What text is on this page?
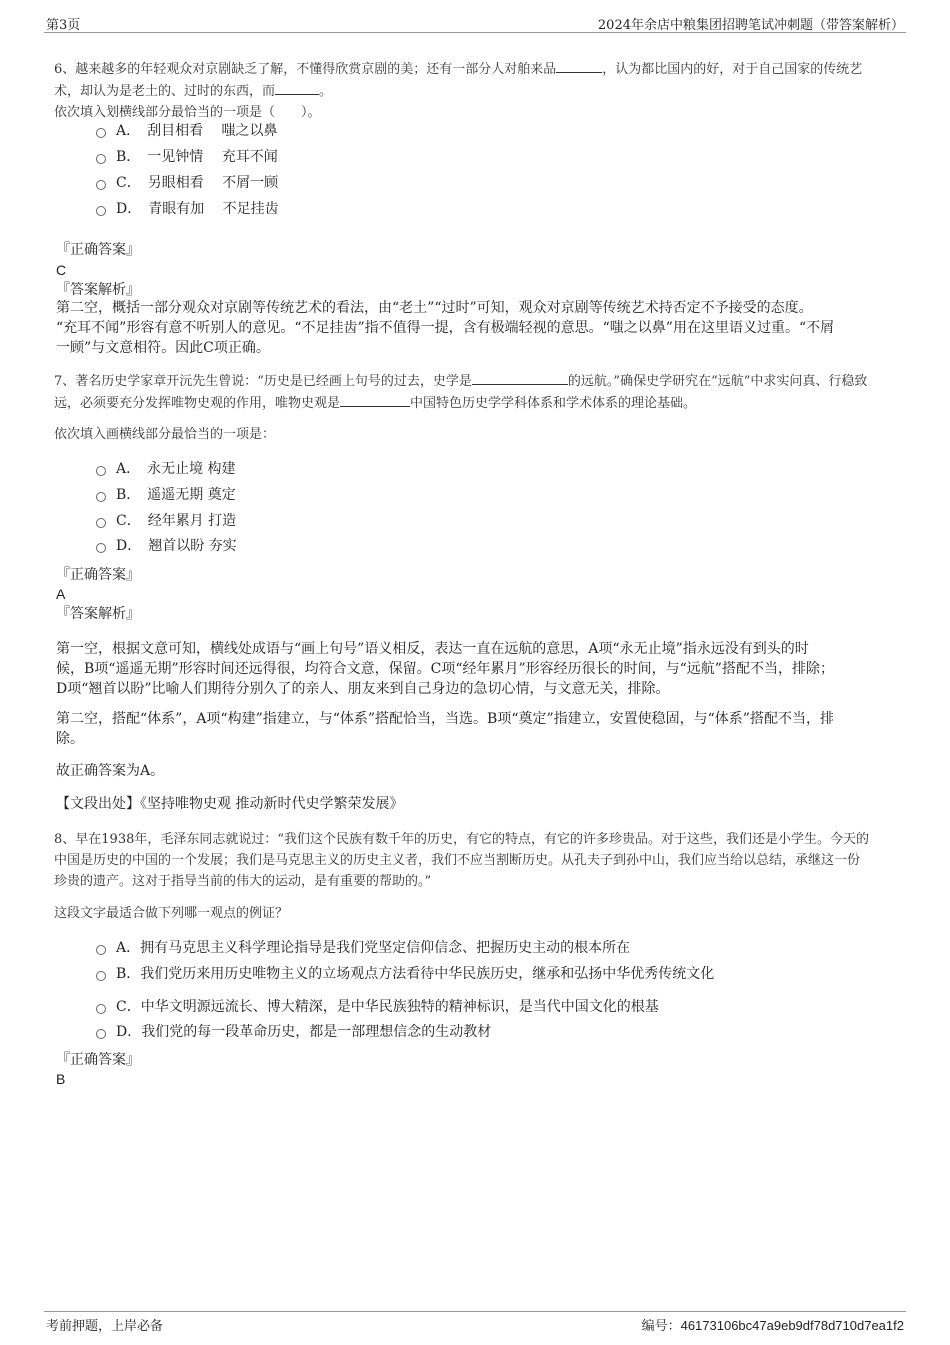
第3页	2024年余店中粮集团招聘笔试冲刺题（带答案解析）
6、越来越多的年轻观众对京剧缺乏了解，不懂得欣赏京剧的美；还有一部分人对舶来品	，认为都比国内的好，对于自己国家的传统艺
术，却认为是老土的、过时的东西，而	。
依次填入划横线部分最恰当的一项是（　　）。
A．　刮目相看　 嗤之以鼻
B．　一见钟情　 充耳不闻
C．　另眼相看　 不屑一顾
D．　青眼有加　 不足挂齿
『正确答案』
C
『答案解析』
第二空，概括一部分观众对京剧等传统艺术的看法，由“老土”“过时”可知，观众对京剧等传统艺术持否定不予接受的态度。
“充耳不闻”形容有意不听别人的意见。“不足挂齿”指不值得一提，含有极端轻视的意思。“嗤之以鼻”用在这里语义过重。“不屑
一顾”与文意相符。因此C项正确。
7、著名历史学家章开沅先生曾说：“历史是已经画上句号的过去，史学是	的远航。”确保史学研究在“远航”中求实问真、行稳致
远，必须要充分发挥唯物史观的作用，唯物史观是	中国特色历史学学科体系和学术体系的理论基础。
依次填入画横线部分最恰当的一项是：
A．　永无止境 构建
B．　遥遥无期 奠定
C．　经年累月 打造
D．　翘首以盼 夯实
『正确答案』
A
『答案解析』
第一空，根据文意可知，横线处成语与“画上句号”语义相反，表达一直在远航的意思，A项“永无止境”指永远没有到头的时
候，B项“遥遥无期”形容时间还远得很，均符合文意，保留。C项“经年累月”形容经历很长的时间，与“远航”搭配不当，排除；
D项“翘首以盼”比喻人们期待分别久了的亲人、朋友来到自己身边的急切心情，与文意无关，排除。
第二空，搭配“体系”，A项“构建”指建立，与“体系”搭配恰当，当选。B项“奠定”指建立，安置使稳固，与“体系”搭配不当，排
除。
故正确答案为A。
【文段出处】《坚持唯物史观 推动新时代史学繁荣发展》
8、早在1938年，毛泽东同志就说过：“我们这个民族有数千年的历史，有它的特点，有它的许多珍贵品。对于这些，我们还是小学生。今天的
中国是历史的中国的一个发展；我们是马克思主义的历史主义者，我们不应当割断历史。从孔夫子到孙中山，我们应当给以总结，承继这一份
珍贵的遗产。这对于指导当前的伟大的运动，是有重要的帮助的。”
这段文字最适合做下列哪一观点的例证？
A．拥有马克思主义科学理论指导是我们党坚定信仰信念、把握历史主动的根本所在
B．我们党历来用历史唯物主义的立场观点方法看待中华民族历史，继承和弘扬中华优秀传统文化
C．中华文明源远流长、博大精深，是中华民族独特的精神标识，是当代中国文化的根基
D．我们党的每一段革命历史，都是一部理想信念的生动教材
『正确答案』
B
考前押题，上岸必备	编号：46173106bc47a9eb9df78d710d7ea1f2
